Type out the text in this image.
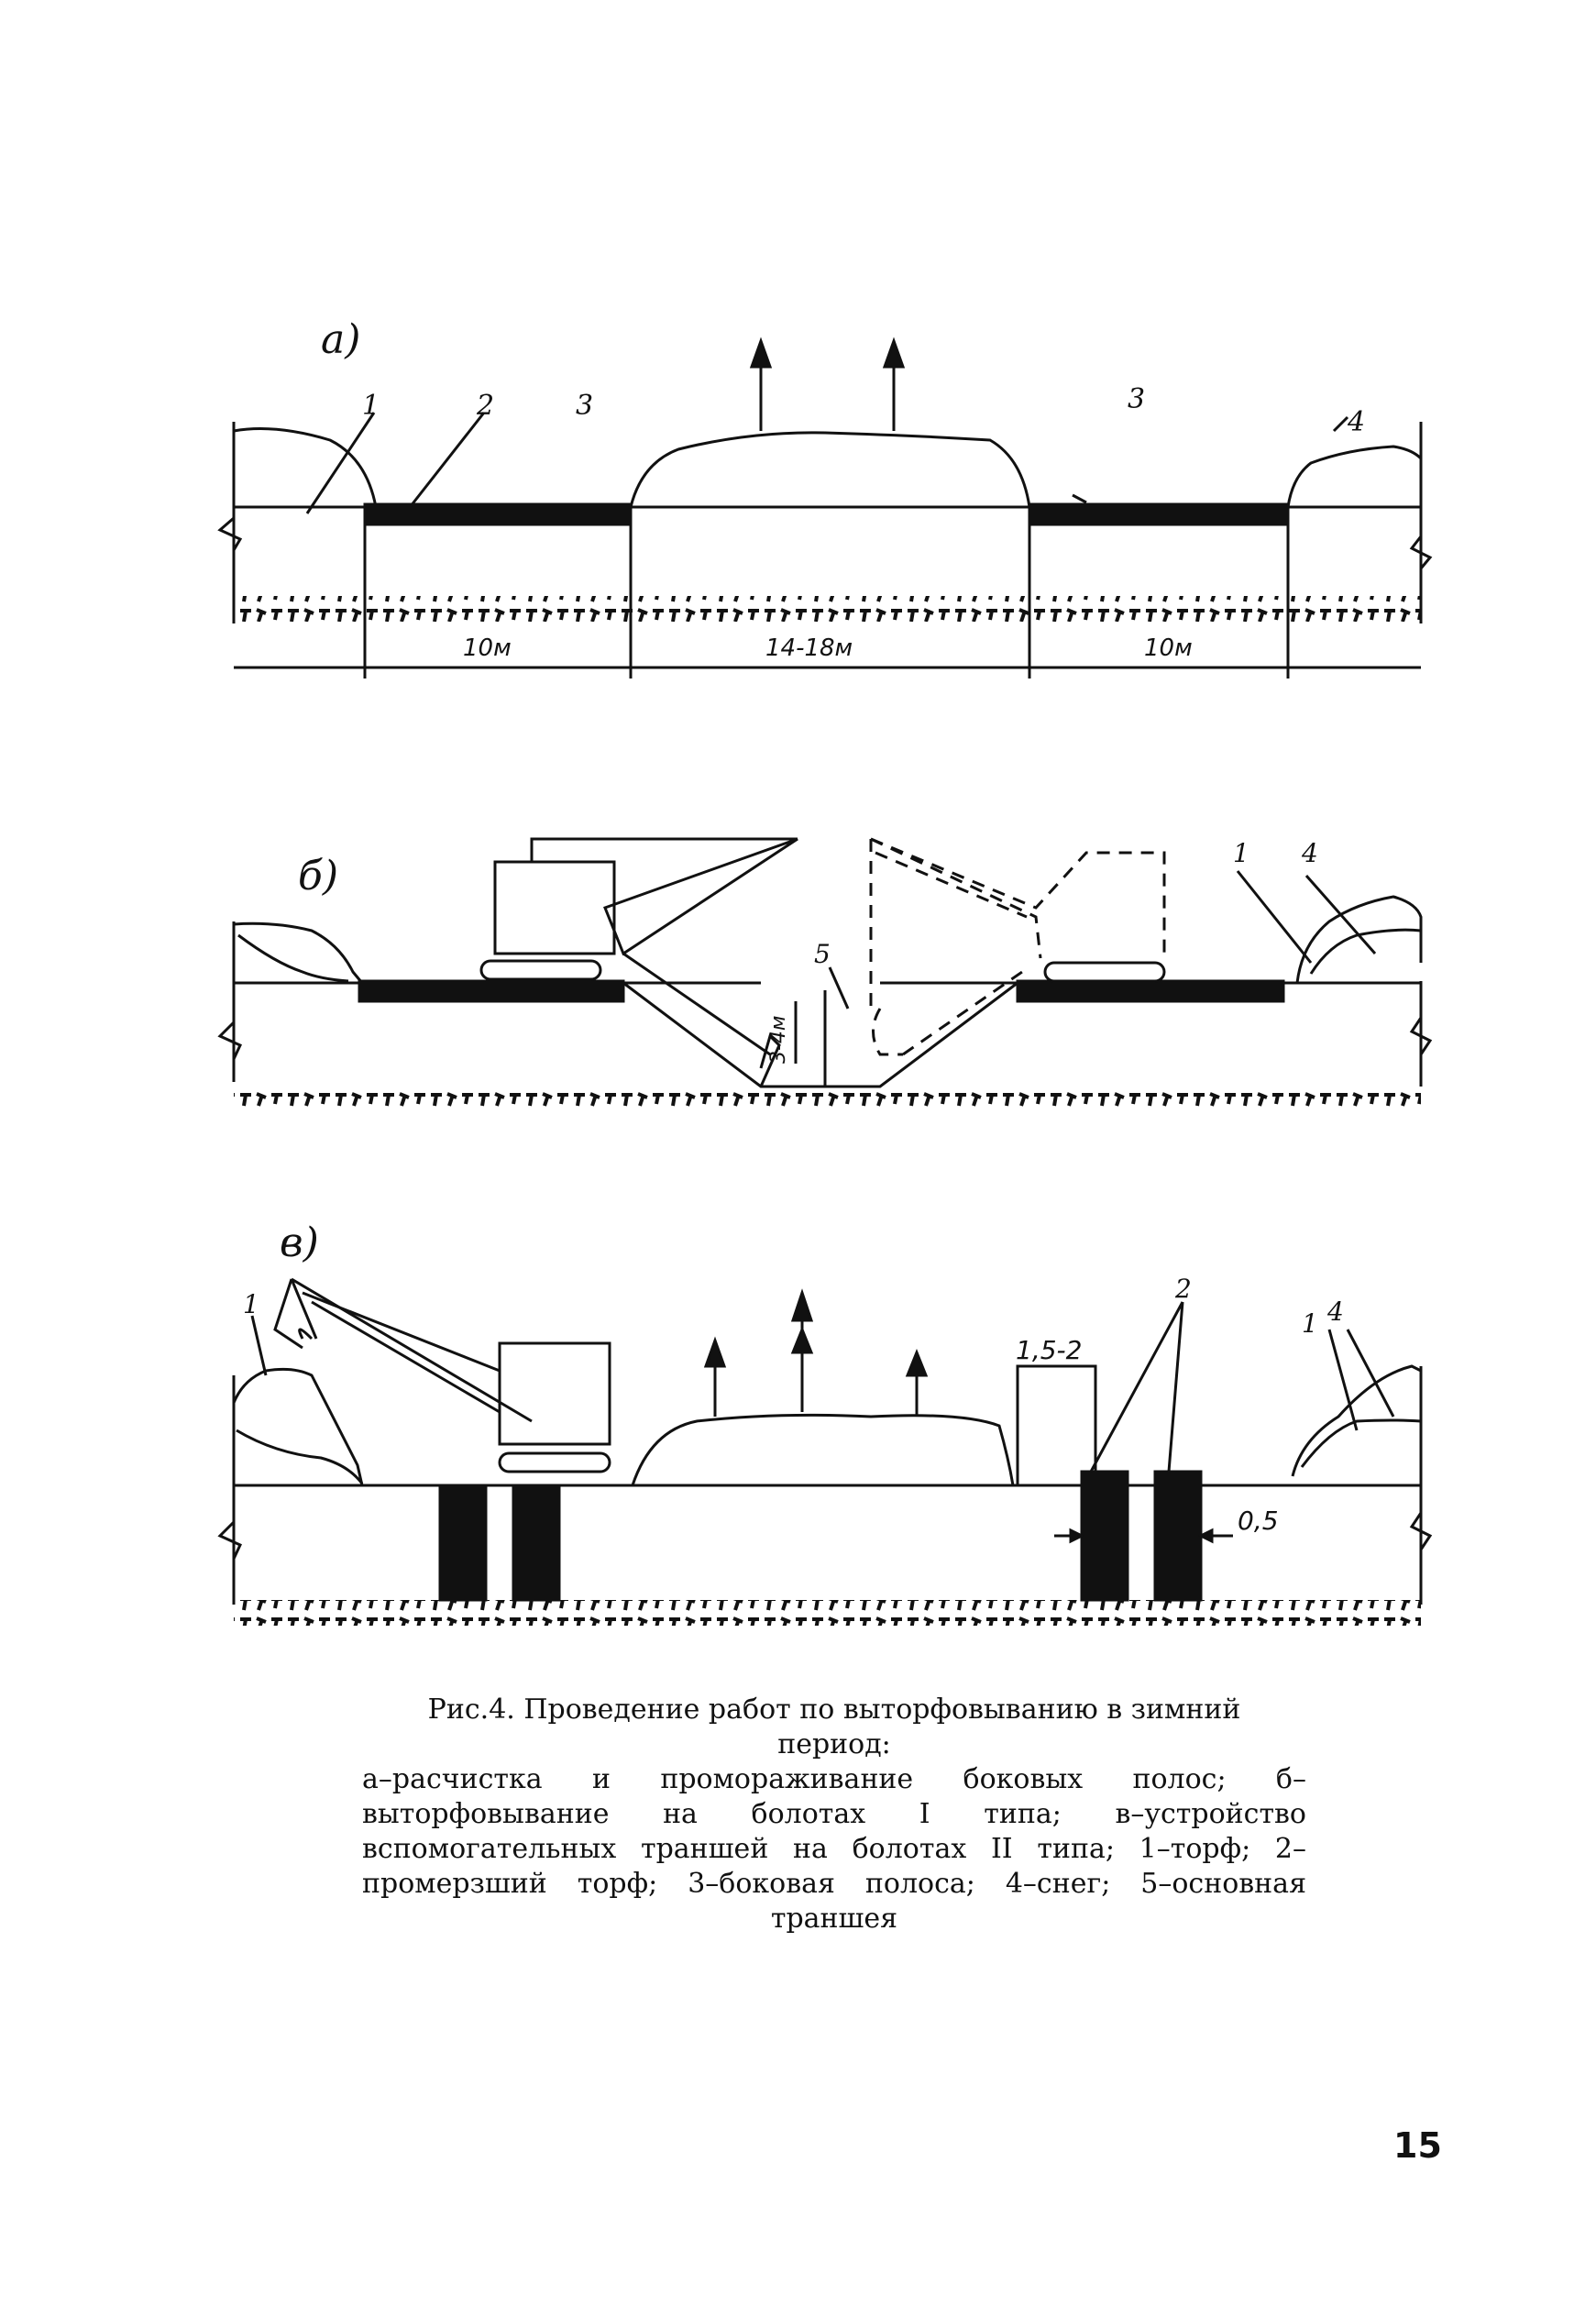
а)
1	2	3	3
4
10м	14-18м	10м
б)
5
1 4
3-4м
в)
1
2
1 4
1,5-2
0,5
Рис.4. Проведение работ по выторфовыванию в зимний период:
а–расчистка и промораживание боковых полос; б–выторфовывание на болотах I типа; в–устройство вспомогательных траншей на болотах II типа; 1–торф; 2–промерзший торф; 3–боковая полоса; 4–снег; 5–основная траншея
15
